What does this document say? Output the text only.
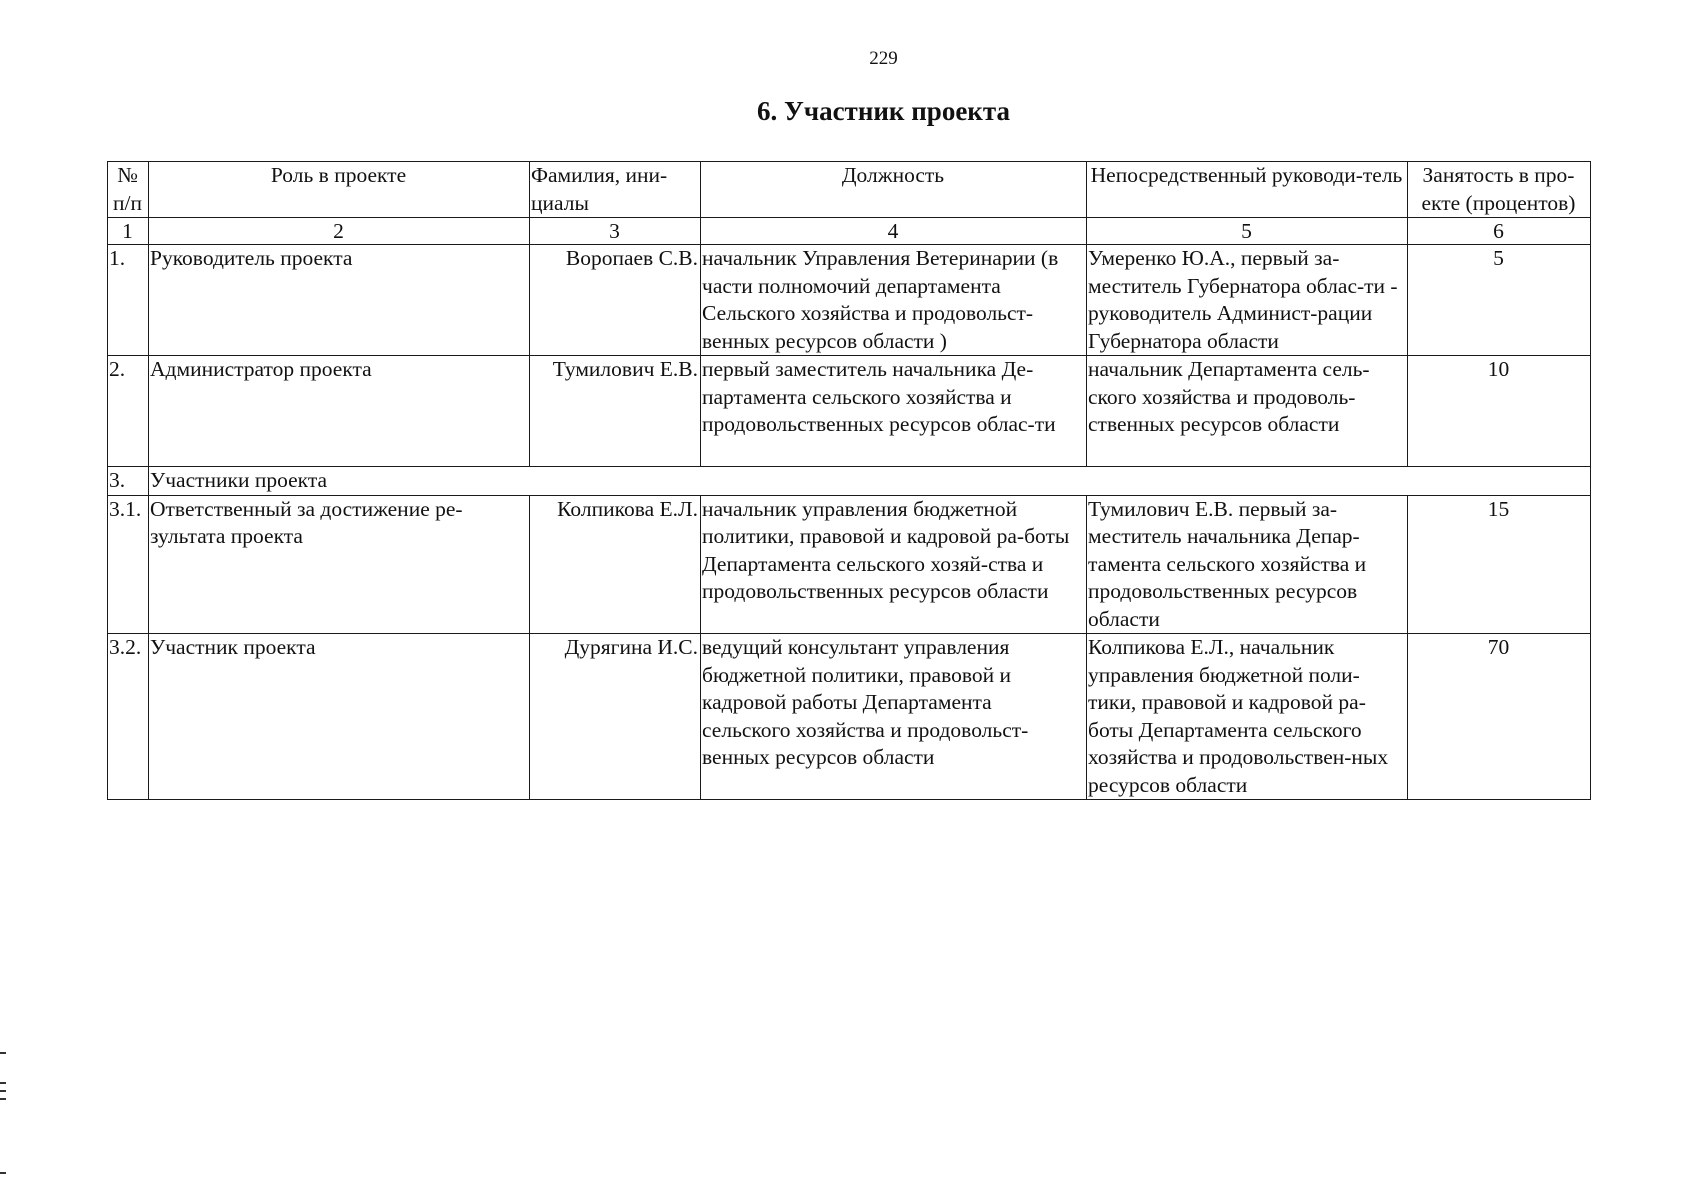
229
6. Участник проекта
№ п/п	Роль в проекте	Фамилия, ини-циалы	Должность	Непосредственный руководи-тель	Занятость в про-екте (процентов)
1	2	3	4	5	6
1.	Руководитель проекта	Воропаев С.В.	начальник Управления Ветеринарии (в части полномочий департамента Сельского хозяйства и продовольст-венных ресурсов области )	Умеренко Ю.А., первый за-меститель Губернатора облас-ти - руководитель Админист-рации Губернатора области	5
2.	Администратор проекта	Тумилович Е.В.	первый заместитель начальника Де-партамента сельского хозяйства и продовольственных ресурсов облас-ти	начальник Департамента сель-ского хозяйства и продоволь-ственных ресурсов области	10
3.	Участники проекта				
3.1.	Ответственный за достижение ре-зультата проекта	Колпикова Е.Л.	начальник управления бюджетной политики, правовой и кадровой ра-боты Департамента сельского хозяй-ства и продовольственных ресурсов области	Тумилович Е.В. первый за-меститель начальника Депар-тамента сельского хозяйства и продовольственных ресурсов области	15
3.2.	Участник проекта	Дурягина И.С.	ведущий консультант управления бюджетной политики, правовой и кадровой работы Департамента сельского хозяйства и продовольст-венных ресурсов области	Колпикова Е.Л., начальник управления бюджетной поли-тики, правовой и кадровой ра-боты Департамента сельского хозяйства и продовольствен-ных ресурсов области	70
